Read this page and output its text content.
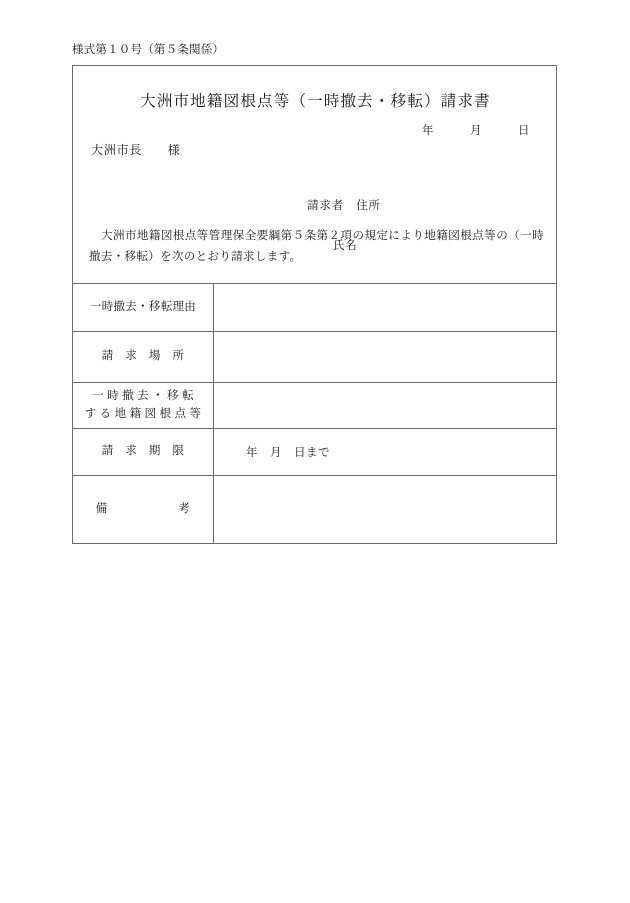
様式第１０号（第５条関係）
大洲市地籍図根点等（一時撤去・移転）請求書
年　　　月　　　日
大洲市長　　様

請求者　住所

氏名

大洲市地籍図根点等管理保全要綱第５条第２項の規定により地籍図根点等の（一時撤去・移転）を次のとおり請求します。
一時撤去・移転理由	

請　求　場　所	

一 時 撤 去 ・ 移 転
す る 地 籍 図 根 点 等	

請　求　期　限	年　月　日まで

備　　　　　　考	
